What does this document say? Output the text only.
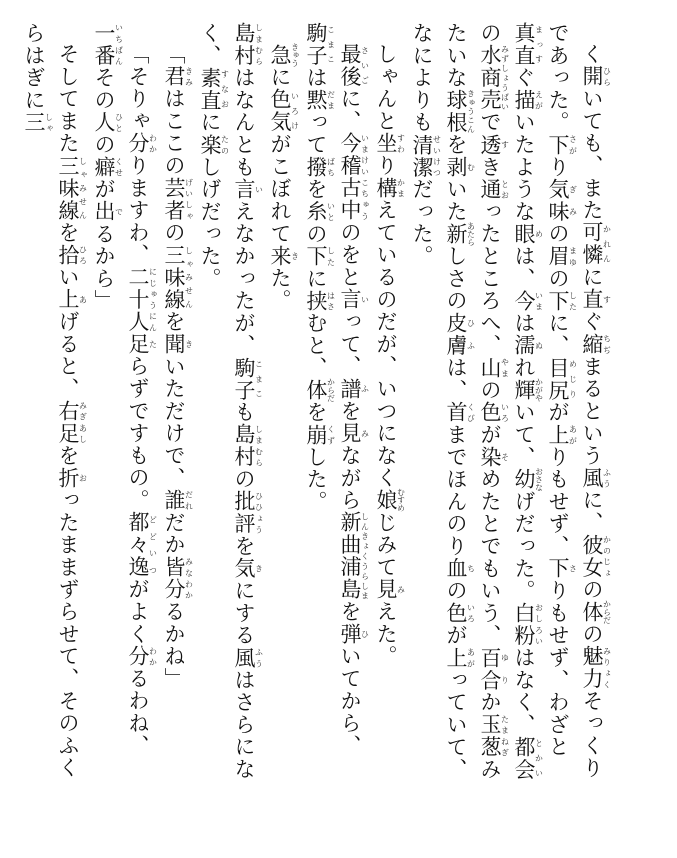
く開ひらいても、また可憐かれんに直すぐ縮ちぢまるという風ふうに、彼女かのじょの体からだの魅力みりょくそっくりであった。下さがり気味ぎみの眉まゆの下したに、目尻めじりが上あがりもせず、下さりもせず、わざと真直まっすぐ描えがいたような眼めは、今いまは濡ぬれ輝かがやいて、幼おさなげだった。白粉おしろいはなく、都会とかいの水商売みずしょうばいで透すき通とおったところへ、山やまの色いろが染そめたとでもいう、百合ゆりか玉葱たまねぎみたいな球根きゅうこんを剥むいた新あたらしさの皮膚ひふは、首くびまでほんのり血ちの色いろが上あがっていて、なによりも清潔せいけつだった。

しゃんと坐すわり構かまえているのだが、いつになく娘むすめじみて見みえた。

最後さいごに、今稽古中いまけいこちゅうのをと言いって、譜ふを見みながら新曲浦島しんきょくうらしまを弾ひいてから、駒子こまこは黙だまって撥ばちを糸いとの下したに挟はさむと、体からだを崩くずした。

急きゅうに色気いろけがこぼれて来きた。

島村しまむらはなんとも言いえなかったが、駒子こまこも島村しまむらの批評ひひょうを気きにする風ふうはさらになく、素直すなおに楽たのしげだった。

「君きみはここの芸者げいしゃの三味線しゃみせんを聞きいただけで、誰だれだか皆みな分わかるかね」

「そりゃ分わかりますわ、二十人にじゅうにん足たらずですもの。都々逸どどいつがよく分わかるわね、一番いちばんその人ひとの癖くせが出でるから」

そしてまた三味線しゃみせんを拾ひろい上あげると、右足みぎあしを折おったままずらせて、そのふくらはぎに三しゃ
